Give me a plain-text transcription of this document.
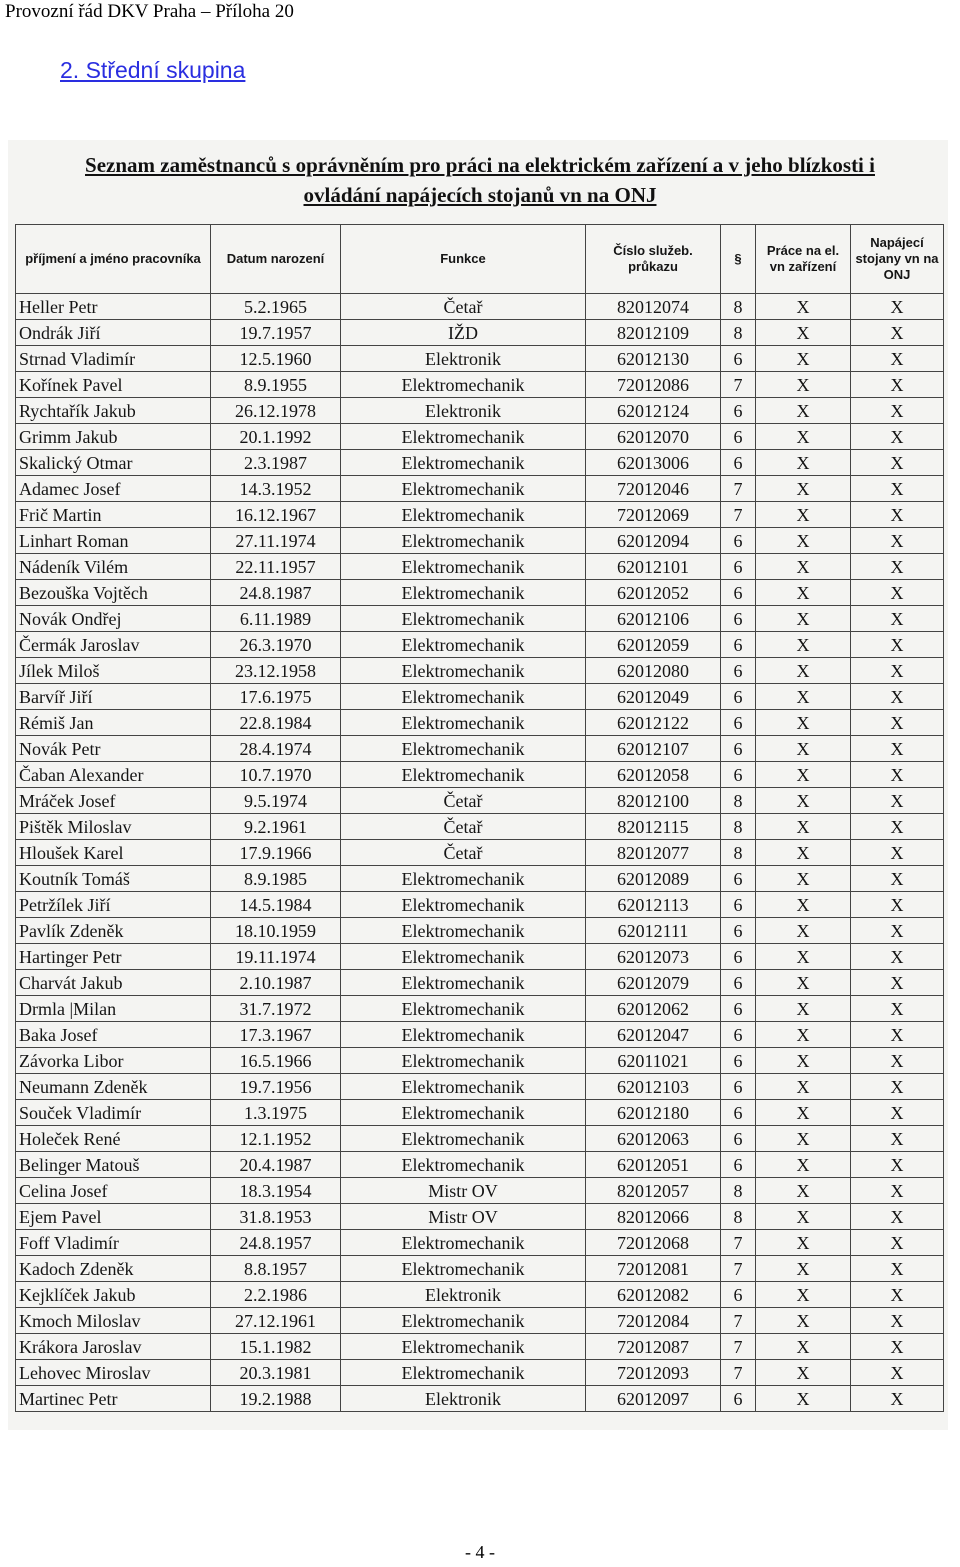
Provozní řád DKV Praha – Příloha 20
2. Střední skupina
Seznam zaměstnanců s oprávněním pro práci na elektrickém zařízení a v jeho blízkosti i ovládání napájecích stojanů vn na ONJ
příjmení a jméno pracovníka	Datum narození	Funkce	Číslo služeb. průkazu	§	Práce na el. vn zařízení	Napájecí stojany vn na ONJ
Heller Petr	5.2.1965	Četař	82012074	8	X	X
Ondrák Jiří	19.7.1957	IŽD	82012109	8	X	X
Strnad Vladimír	12.5.1960	Elektronik	62012130	6	X	X
Kořínek Pavel	8.9.1955	Elektromechanik	72012086	7	X	X
Rychtařík Jakub	26.12.1978	Elektronik	62012124	6	X	X
Grimm Jakub	20.1.1992	Elektromechanik	62012070	6	X	X
Skalický Otmar	2.3.1987	Elektromechanik	62013006	6	X	X
Adamec Josef	14.3.1952	Elektromechanik	72012046	7	X	X
Frič Martin	16.12.1967	Elektromechanik	72012069	7	X	X
Linhart Roman	27.11.1974	Elektromechanik	62012094	6	X	X
Nádeník Vilém	22.11.1957	Elektromechanik	62012101	6	X	X
Bezouška Vojtěch	24.8.1987	Elektromechanik	62012052	6	X	X
Novák Ondřej	6.11.1989	Elektromechanik	62012106	6	X	X
Čermák Jaroslav	26.3.1970	Elektromechanik	62012059	6	X	X
Jílek Miloš	23.12.1958	Elektromechanik	62012080	6	X	X
Barvíř Jiří	17.6.1975	Elektromechanik	62012049	6	X	X
Rémiš Jan	22.8.1984	Elektromechanik	62012122	6	X	X
Novák Petr	28.4.1974	Elektromechanik	62012107	6	X	X
Čaban Alexander	10.7.1970	Elektromechanik	62012058	6	X	X
Mráček Josef	9.5.1974	Četař	82012100	8	X	X
Pištěk Miloslav	9.2.1961	Četař	82012115	8	X	X
Hloušek Karel	17.9.1966	Četař	82012077	8	X	X
Koutník Tomáš	8.9.1985	Elektromechanik	62012089	6	X	X
Petržílek Jiří	14.5.1984	Elektromechanik	62012113	6	X	X
Pavlík Zdeněk	18.10.1959	Elektromechanik	62012111	6	X	X
Hartinger Petr	19.11.1974	Elektromechanik	62012073	6	X	X
Charvát Jakub	2.10.1987	Elektromechanik	62012079	6	X	X
Drmla |Milan	31.7.1972	Elektromechanik	62012062	6	X	X
Baka Josef	17.3.1967	Elektromechanik	62012047	6	X	X
Závorka Libor	16.5.1966	Elektromechanik	62011021	6	X	X
Neumann Zdeněk	19.7.1956	Elektromechanik	62012103	6	X	X
Souček Vladimír	1.3.1975	Elektromechanik	62012180	6	X	X
Holeček René	12.1.1952	Elektromechanik	62012063	6	X	X
Belinger Matouš	20.4.1987	Elektromechanik	62012051	6	X	X
Celina Josef	18.3.1954	Mistr OV	82012057	8	X	X
Ejem Pavel	31.8.1953	Mistr OV	82012066	8	X	X
Foff Vladimír	24.8.1957	Elektromechanik	72012068	7	X	X
Kadoch Zdeněk	8.8.1957	Elektromechanik	72012081	7	X	X
Kejklíček Jakub	2.2.1986	Elektronik	62012082	6	X	X
Kmoch Miloslav	27.12.1961	Elektromechanik	72012084	7	X	X
Krákora Jaroslav	15.1.1982	Elektromechanik	72012087	7	X	X
Lehovec Miroslav	20.3.1981	Elektromechanik	72012093	7	X	X
Martinec Petr	19.2.1988	Elektronik	62012097	6	X	X
- 4 -
